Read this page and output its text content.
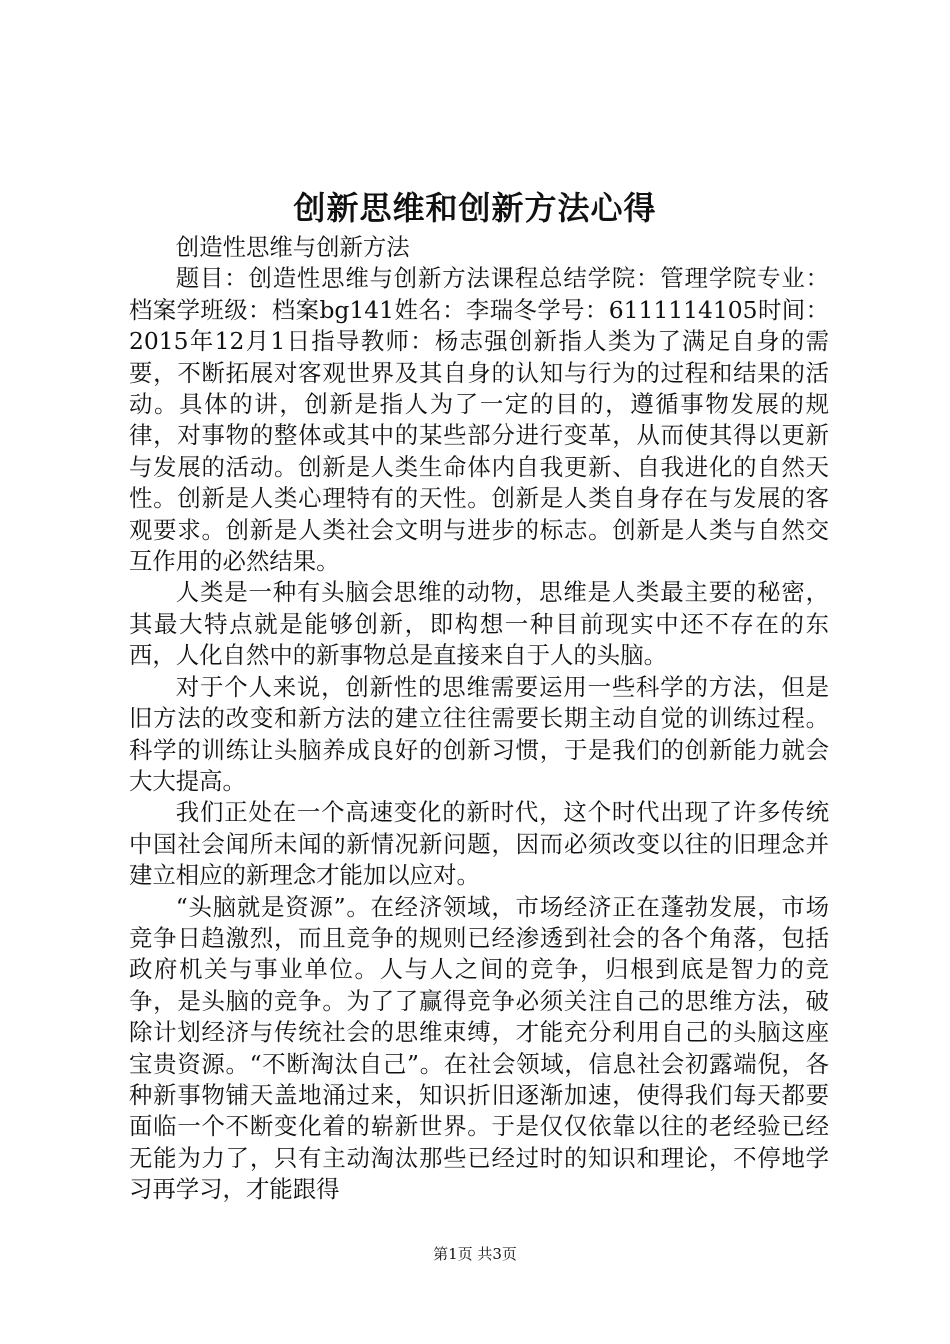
创新思维和创新方法心得

创造性思维与创新方法

题目：创造性思维与创新方法课程总结学院：管理学院专业：档案学班级：档案bg141姓名：李瑞冬学号：6111114105时间：2015年12月1日指导教师：杨志强创新指人类为了满足自身的需要，不断拓展对客观世界及其自身的认知与行为的过程和结果的活动。具体的讲，创新是指人为了一定的目的，遵循事物发展的规律，对事物的整体或其中的某些部分进行变革，从而使其得以更新与发展的活动。创新是人类生命体内自我更新、自我进化的自然天性。创新是人类心理特有的天性。创新是人类自身存在与发展的客观要求。创新是人类社会文明与进步的标志。创新是人类与自然交互作用的必然结果。

人类是一种有头脑会思维的动物，思维是人类最主要的秘密，其最大特点就是能够创新，即构想一种目前现实中还不存在的东西，人化自然中的新事物总是直接来自于人的头脑。

对于个人来说，创新性的思维需要运用一些科学的方法，但是旧方法的改变和新方法的建立往往需要长期主动自觉的训练过程。科学的训练让头脑养成良好的创新习惯，于是我们的创新能力就会大大提高。

我们正处在一个高速变化的新时代，这个时代出现了许多传统中国社会闻所未闻的新情况新问题，因而必须改变以往的旧理念并建立相应的新理念才能加以应对。

“头脑就是资源”。在经济领域，市场经济正在蓬勃发展，市场竞争日趋激烈，而且竞争的规则已经渗透到社会的各个角落，包括政府机关与事业单位。人与人之间的竞争，归根到底是智力的竞争，是头脑的竞争。为了了赢得竞争必须关注自己的思维方法，破除计划经济与传统社会的思维束缚，才能充分利用自己的头脑这座宝贵资源。“不断淘汰自己”。在社会领域，信息社会初露端倪，各种新事物铺天盖地涌过来，知识折旧逐渐加速，使得我们每天都要面临一个不断变化着的崭新世界。于是仅仅依靠以往的老经验已经无能为力了，只有主动淘汰那些已经过时的知识和理论，不停地学习再学习，才能跟得

第1页 共3页
